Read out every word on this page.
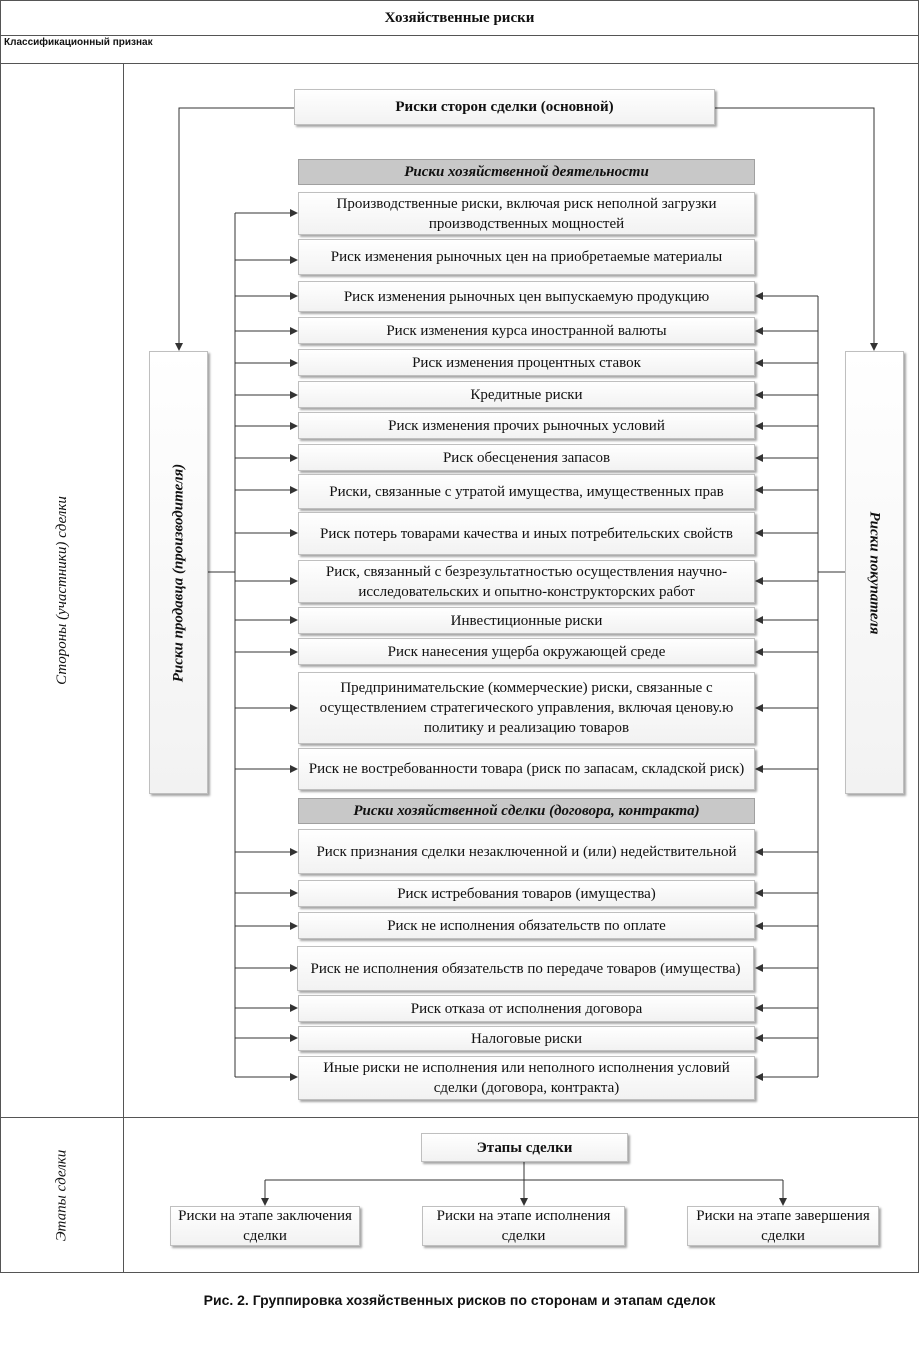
Хозяйственные риски
Классификационный признак
Стороны (участники) сделки
Этапы сделки
Риски сторон сделки (основной)
Риски продавца (производителя)	Риски покупателя
Риски хозяйственной деятельности
Риски хозяйственной сделки (договора, контракта)
Производственные риски, включая риск неполной загрузки производственных мощностей
Риск изменения рыночных цен на приобретаемые материалы
Риск изменения рыночных цен выпускаемую продукцию
Риск изменения курса иностранной валюты
Риск изменения процентных ставок
Кредитные риски
Риск изменения прочих рыночных условий
Риск обесценения запасов
Риски, связанные с утратой имущества, имущественных прав
Риск потерь товарами качества и иных потребительских свойств
Риск, связанный с безрезультатностью осуществления научно-исследовательских и опытно-конструкторских работ
Инвестиционные риски
Риск нанесения ущерба окружающей среде
Предпринимательские (коммерческие) риски, связанные с осуществлением стратегического управления, включая ценову.ю политику и реализацию товаров
Риск не востребованности товара (риск по запасам, складской риск)
Риск признания сделки незаключенной и (или) недействительной
Риск истребования товаров (имущества)
Риск не исполнения обязательств по оплате
Риск не исполнения обязательств по передаче товаров (имущества)
Риск отказа от исполнения договора
Налоговые риски
Иные риски не исполнения или неполного исполнения условий сделки (договора, контракта)
Этапы сделки
Риски на этапе заключения сделки
Риски на этапе исполнения сделки
Риски на этапе завершения сделки
Рис. 2. Группировка хозяйственных рисков по сторонам и этапам сделок
